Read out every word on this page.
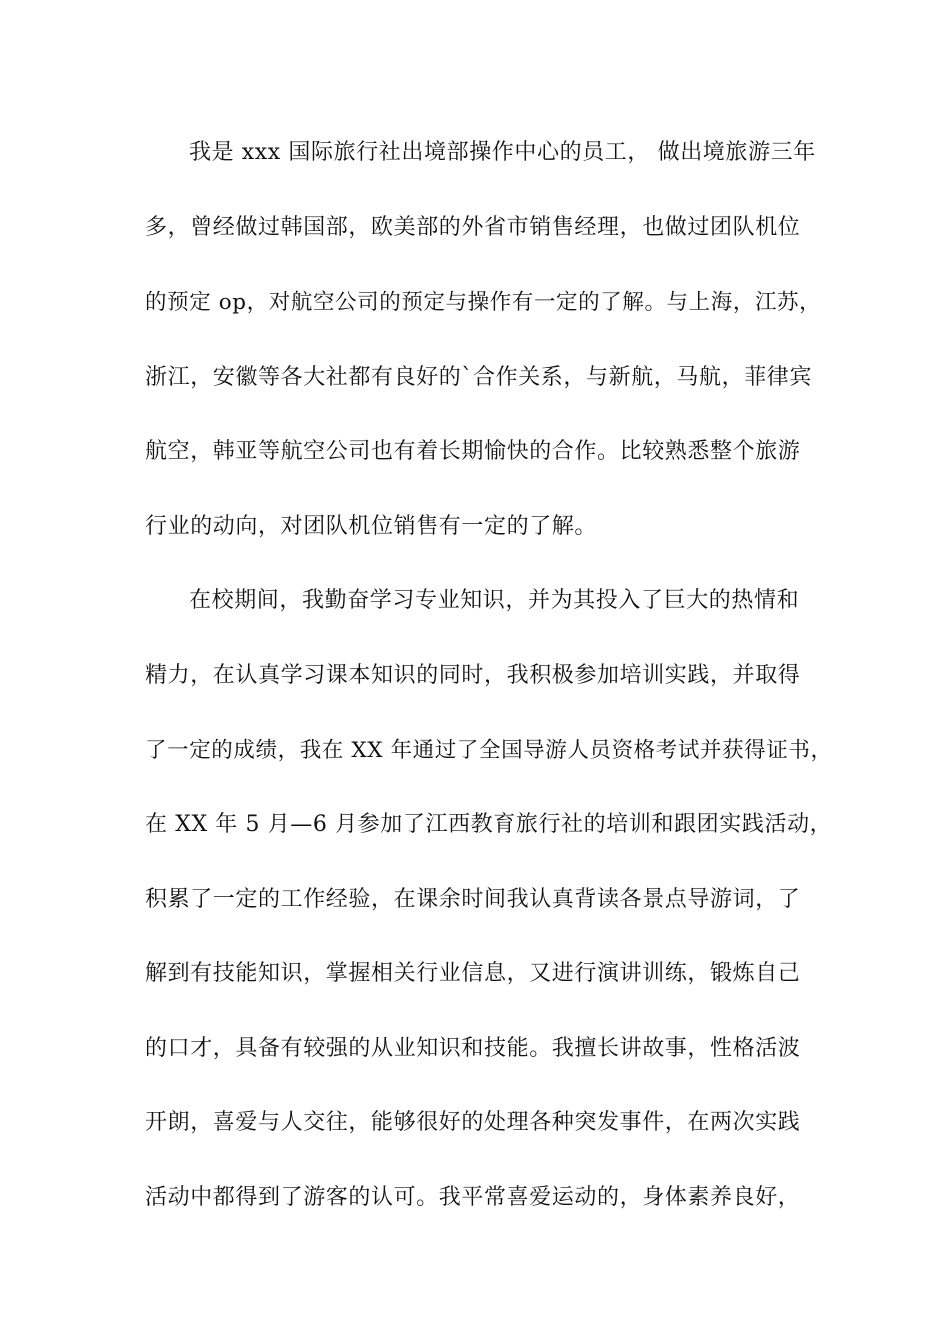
我是 xxx 国际旅行社出境部操作中心的员工， 做出境旅游三年
多，曾经做过韩国部，欧美部的外省市销售经理，也做过团队机位
的预定 op，对航空公司的预定与操作有一定的了解。与上海，江苏，
浙江，安徽等各大社都有良好的`合作关系，与新航，马航，菲律宾
航空，韩亚等航空公司也有着长期愉快的合作。比较熟悉整个旅游
行业的动向，对团队机位销售有一定的了解。
在校期间，我勤奋学习专业知识，并为其投入了巨大的热情和
精力，在认真学习课本知识的同时，我积极参加培训实践，并取得
了一定的成绩，我在 XX 年通过了全国导游人员资格考试并获得证书，
在 XX 年 5 月—6 月参加了江西教育旅行社的培训和跟团实践活动，
积累了一定的工作经验，在课余时间我认真背读各景点导游词，了
解到有技能知识，掌握相关行业信息，又进行演讲训练，锻炼自己
的口才，具备有较强的从业知识和技能。我擅长讲故事，性格活波
开朗，喜爱与人交往，能够很好的处理各种突发事件，在两次实践
活动中都得到了游客的认可。我平常喜爱运动的，身体素养良好，
